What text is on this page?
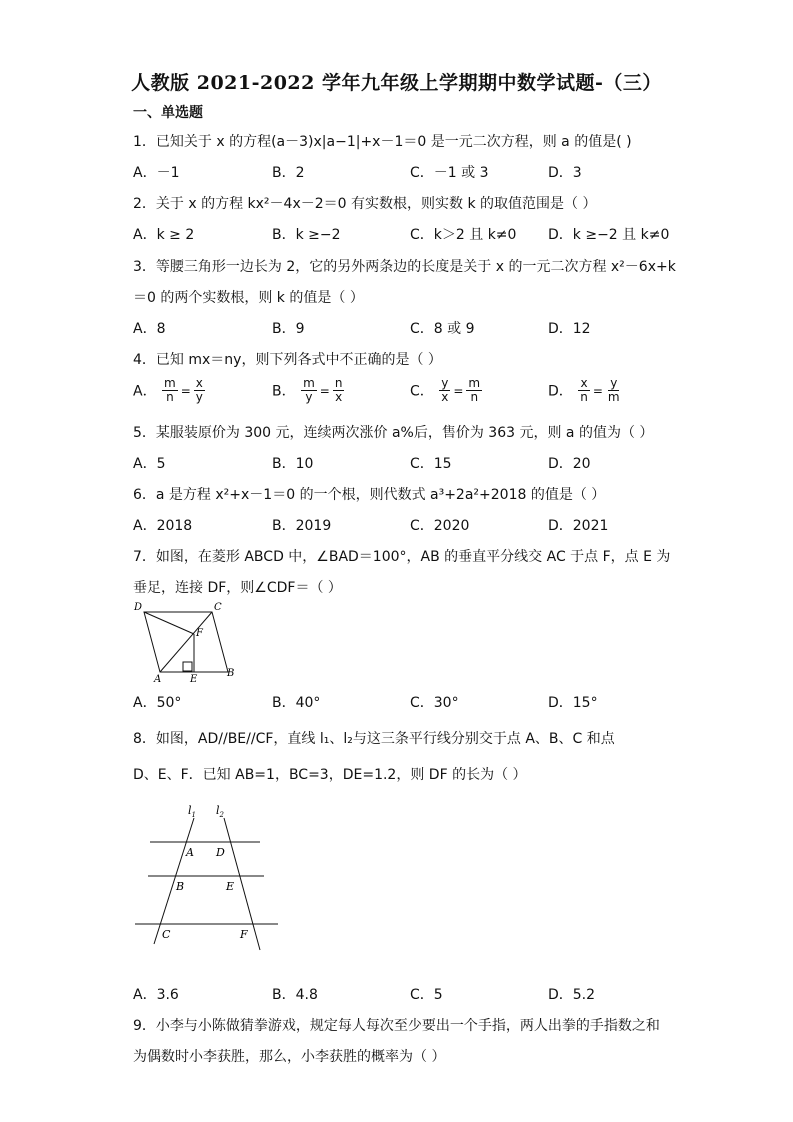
人教版 2021-2022 学年九年级上学期期中数学试题-（三）
一、单选题
1．已知关于 x 的方程(a－3)x|a−1|+x－1＝0 是一元二次方程，则 a 的值是( )
A．－1	B．2	C．－1 或 3	D．3
2．关于 x 的方程 kx²－4x－2＝0 有实数根，则实数 k 的取值范围是（ ）
A．k ≥ 2	B．k ≥−2	C．k＞2 且 k≠0 D．k ≥−2 且 k≠0
3．等腰三角形一边长为 2，它的另外两条边的长度是关于 x 的一元二次方程 x²－6x+k
＝0 的两个实数根，则 k 的值是（ ）
A．8	B．9	C．8 或 9	D．12
4．已知 mx＝ny，则下列各式中不正确的是（ ）
A． $\frac{m}{n} = \frac{x}{y}$	B． $\frac{m}{y} = \frac{n}{x}$	C． $\frac{y}{x} = \frac{m}{n}$	D． $\frac{x}{n} = \frac{y}{m}$
5．某服装原价为 300 元，连续两次涨价 a%后，售价为 363 元，则 a 的值为（ ）
A．5	B．10	C．15	D．20
6．a 是方程 x²+x－1＝0 的一个根，则代数式 a³+2a²+2018 的值是（ ）
A．2018	B．2019	C．2020	D．2021
7．如图，在菱形 ABCD 中，∠BAD＝100°，AB 的垂直平分线交 AC 于点 F，点 E 为
垂足，连接 DF，则∠CDF＝（ ）
D	C
F
A	E
B
A．50°	B．40°	C．30°	D．15°
8．如图，AD//BE//CF，直线 l₁、l₂与这三条平行线分别交于点 A、B、C 和点
D、E、F．已知 AB=1，BC=3，DE=1.2，则 DF 的长为（ ）
$l_1$ $l_2$
A D
B	E
C	F
A．3.6	B．4.8	C．5	D．5.2
9．小李与小陈做猜拳游戏，规定每人每次至少要出一个手指，两人出拳的手指数之和
为偶数时小李获胜，那么，小李获胜的概率为（ ）
